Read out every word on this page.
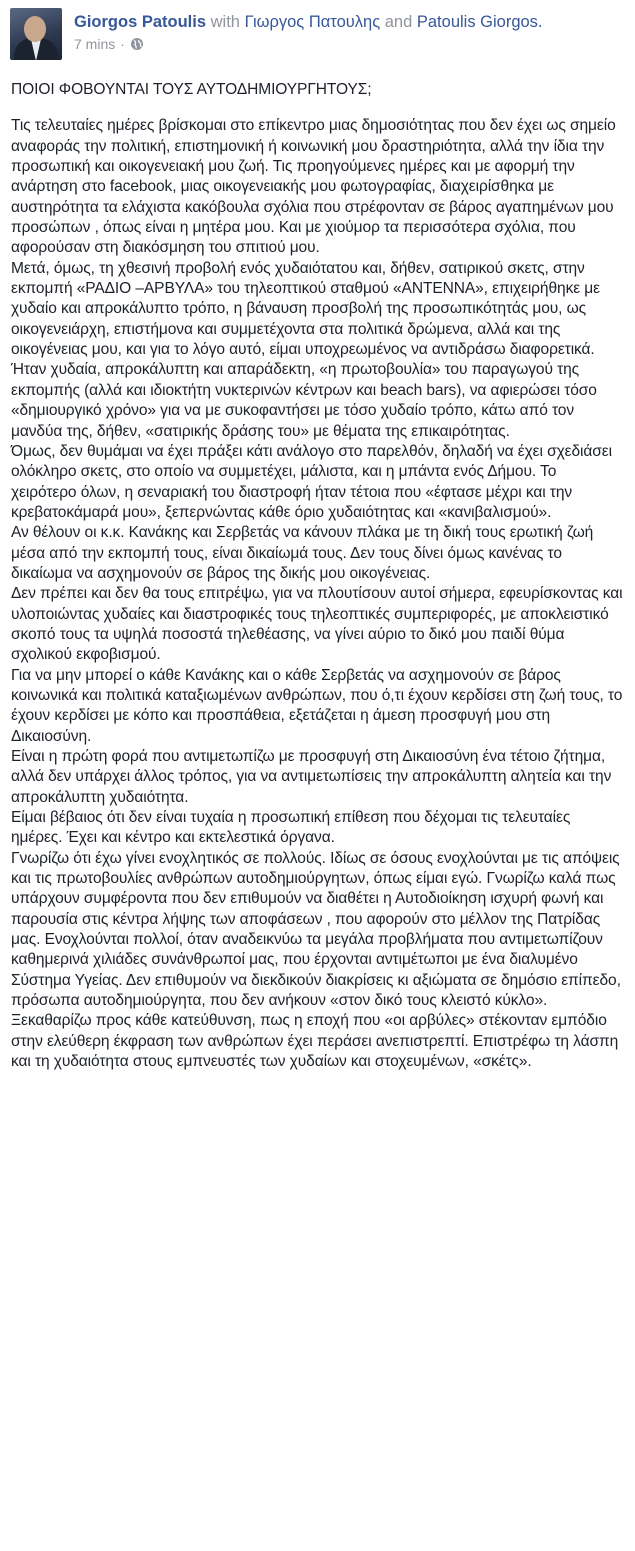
Giorgos Patoulis with Γιωργος Πατουλης and Patoulis Giorgos.
7 mins ·

ΠΟΙΟΙ ΦΟΒΟΥΝΤΑΙ ΤΟΥΣ ΑΥΤΟΔΗΜΙΟΥΡΓΗΤΟΥΣ;

Τις τελευταίες ημέρες βρίσκομαι στο επίκεντρο μιας δημοσιότητας που δεν έχει ως σημείο αναφοράς την πολιτική, επιστημονική ή κοινωνική μου δραστηριότητα, αλλά την ίδια την προσωπική και οικογενειακή μου ζωή. Τις προηγούμενες ημέρες και με αφορμή την ανάρτηση στο facebook, μιας οικογενειακής μου φωτογραφίας, διαχειρίσθηκα με αυστηρότητα τα ελάχιστα κακόβουλα σχόλια που στρέφονταν σε βάρος αγαπημένων μου προσώπων , όπως είναι η μητέρα μου. Και με χιούμορ τα περισσότερα σχόλια, που αφορούσαν στη διακόσμηση του σπιτιού μου.

Μετά, όμως, τη χθεσινή προβολή ενός χυδαιότατου και, δήθεν, σατιρικού σκετς, στην εκπομπή «ΡΑΔΙΟ –ΑΡΒΥΛΑ» του τηλεοπτικού σταθμού «ΑΝΤΕΝΝΑ», επιχειρήθηκε με χυδαίο και απροκάλυπτο τρόπο, η βάναυση προσβολή της προσωπικότητάς μου, ως οικογενειάρχη, επιστήμονα και συμμετέχοντα στα πολιτικά δρώμενα, αλλά και της οικογένειας μου, και για το λόγο αυτό, είμαι υποχρεωμένος να αντιδράσω διαφορετικά.

Ήταν χυδαία, απροκάλυπτη και απαράδεκτη, «η πρωτοβουλία» του παραγωγού της εκπομπής (αλλά και ιδιοκτήτη νυκτερινών κέντρων και beach bars), να αφιερώσει τόσο «δημιουργικό χρόνο» για να με συκοφαντήσει με τόσο χυδαίο τρόπο, κάτω από τον μανδύα της, δήθεν, «σατιρικής δράσης του» με θέματα της επικαιρότητας.

Όμως, δεν θυμάμαι να έχει πράξει κάτι ανάλογο στο παρελθόν, δηλαδή να έχει σχεδιάσει ολόκληρο σκετς, στο οποίο να συμμετέχει, μάλιστα, και η μπάντα ενός Δήμου. Το χειρότερο όλων, η σεναριακή του διαστροφή ήταν τέτοια που «έφτασε μέχρι και την κρεβατοκάμαρά μου», ξεπερνώντας κάθε όριο χυδαιότητας και «κανιβαλισμού».

Αν θέλουν οι κ.κ. Κανάκης και Σερβετάς να κάνουν πλάκα με τη δική τους ερωτική ζωή μέσα από την εκπομπή τους, είναι δικαίωμά τους. Δεν τους δίνει όμως κανένας το δικαίωμα να ασχημονούν σε βάρος της δικής μου οικογένειας.

Δεν πρέπει και δεν θα τους επιτρέψω, για να πλουτίσουν αυτοί σήμερα, εφευρίσκοντας και υλοποιώντας χυδαίες και διαστροφικές τους τηλεοπτικές συμπεριφορές, με αποκλειστικό σκοπό τους τα υψηλά ποσοστά τηλεθέασης, να γίνει αύριο το δικό μου παιδί θύμα σχολικού εκφοβισμού.

Για να μην μπορεί ο κάθε Κανάκης και ο κάθε Σερβετάς να ασχημονούν σε βάρος κοινωνικά και πολιτικά καταξιωμένων ανθρώπων, που ό,τι έχουν κερδίσει στη ζωή τους, το έχουν κερδίσει με κόπο και προσπάθεια, εξετάζεται η άμεση προσφυγή μου στη Δικαιοσύνη.

Είναι η πρώτη φορά που αντιμετωπίζω με προσφυγή στη Δικαιοσύνη ένα τέτοιο ζήτημα, αλλά δεν υπάρχει άλλος τρόπος, για να αντιμετωπίσεις την απροκάλυπτη αλητεία και την απροκάλυπτη χυδαιότητα.

Είμαι βέβαιος ότι δεν είναι τυχαία η προσωπική επίθεση που δέχομαι τις τελευταίες ημέρες. Έχει και κέντρο και εκτελεστικά όργανα.

Γνωρίζω ότι έχω γίνει ενοχλητικός σε πολλούς. Ιδίως σε όσους ενοχλούνται με τις απόψεις και τις πρωτοβουλίες ανθρώπων αυτοδημιούργητων, όπως είμαι εγώ. Γνωρίζω καλά πως υπάρχουν συμφέροντα που δεν επιθυμούν να διαθέτει η Αυτοδιοίκηση ισχυρή φωνή και παρουσία στις κέντρα λήψης των αποφάσεων , που αφορούν στο μέλλον της Πατρίδας μας. Ενοχλούνται πολλοί, όταν αναδεικνύω τα μεγάλα προβλήματα που αντιμετωπίζουν καθημερινά χιλιάδες συνάνθρωποί μας, που έρχονται αντιμέτωποι με ένα διαλυμένο Σύστημα Υγείας. Δεν επιθυμούν να διεκδικούν διακρίσεις κι αξιώματα σε δημόσιο επίπεδο, πρόσωπα αυτοδημιούργητα, που δεν ανήκουν «στον δικό τους κλειστό κύκλο».

Ξεκαθαρίζω προς κάθε κατεύθυνση, πως η εποχή που «οι αρβύλες» στέκονταν εμπόδιο στην ελεύθερη έκφραση των ανθρώπων έχει περάσει ανεπιστρεπτί. Επιστρέφω τη λάσπη και τη χυδαιότητα στους εμπνευστές των χυδαίων και στοχευμένων, «σκέτς».
